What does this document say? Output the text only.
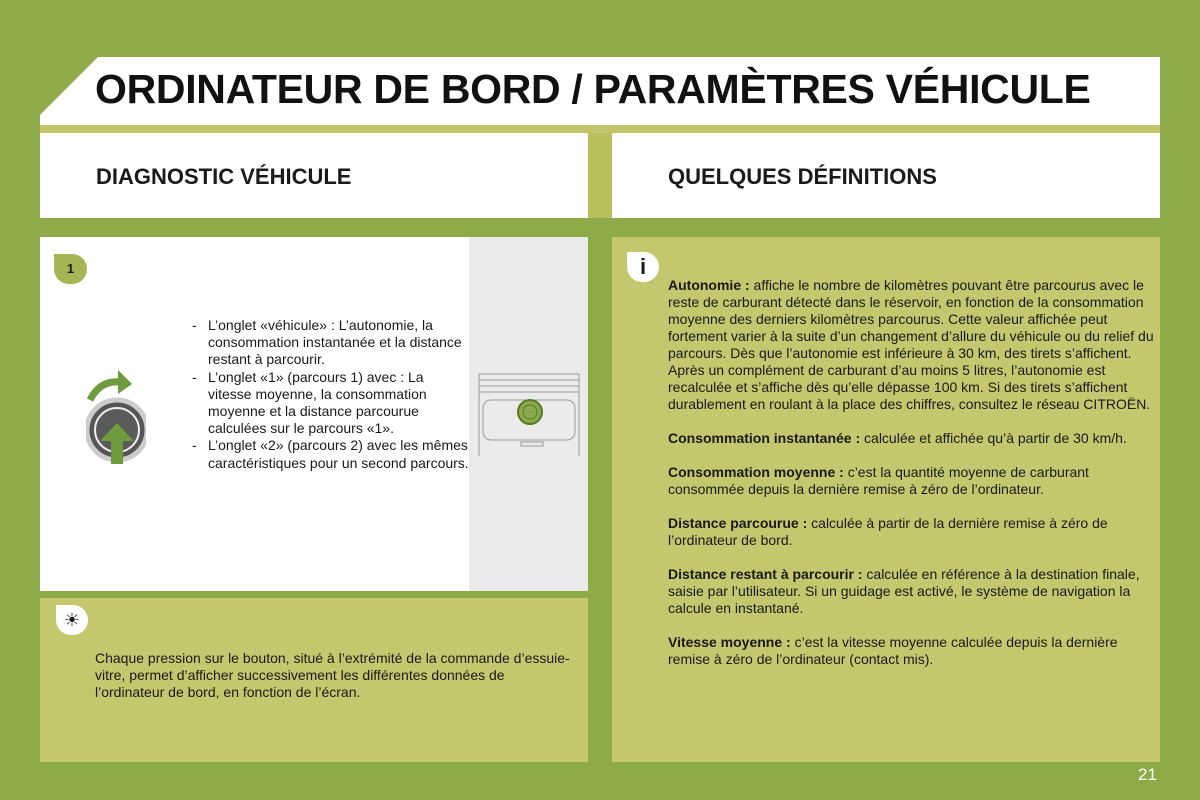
ORDINATEUR DE BORD / PARAMÈTRES VÉHICULE
DIAGNOSTIC VÉHICULE	QUELQUES DÉFINITIONS
1
- L’onglet «véhicule» : L’autonomie, la consommation instantanée et la distance restant à parcourir.
- L’onglet «1» (parcours 1) avec : La vitesse moyenne, la consommation moyenne et la distance parcourue calculées sur le parcours «1».
- L’onglet «2» (parcours 2) avec les mêmes caractéristiques pour un second parcours.
☀
Chaque pression sur le bouton, situé à l’extrémité de la commande d’essuie-vitre, permet d’afficher successivement les différentes données de l’ordinateur de bord, en fonction de l’écran.
i

Autonomie : affiche le nombre de kilomètres pouvant être parcourus avec le reste de carburant détecté dans le réservoir, en fonction de la consommation moyenne des derniers kilomètres parcourus. Cette valeur affichée peut fortement varier à la suite d’un changement d’allure du véhicule ou du relief du parcours. Dès que l’autonomie est inférieure à 30 km, des tirets s’affichent. Après un complément de carburant d’au moins 5 litres, l’autonomie est recalculée et s’affiche dès qu’elle dépasse 100 km. Si des tirets s’affichent durablement en roulant à la place des chiffres, consultez le réseau CITROËN.

Consommation instantanée : calculée et affichée qu’à partir de 30 km/h.

Consommation moyenne : c’est la quantité moyenne de carburant consommée depuis la dernière remise à zéro de l’ordinateur.

Distance parcourue : calculée à partir de la dernière remise à zéro de l’ordinateur de bord.

Distance restant à parcourir : calculée en référence à la destination finale, saisie par l’utilisateur. Si un guidage est activé, le système de navigation la calcule en instantané.

Vitesse moyenne : c’est la vitesse moyenne calculée depuis la dernière remise à zéro de l’ordinateur (contact mis).

21
